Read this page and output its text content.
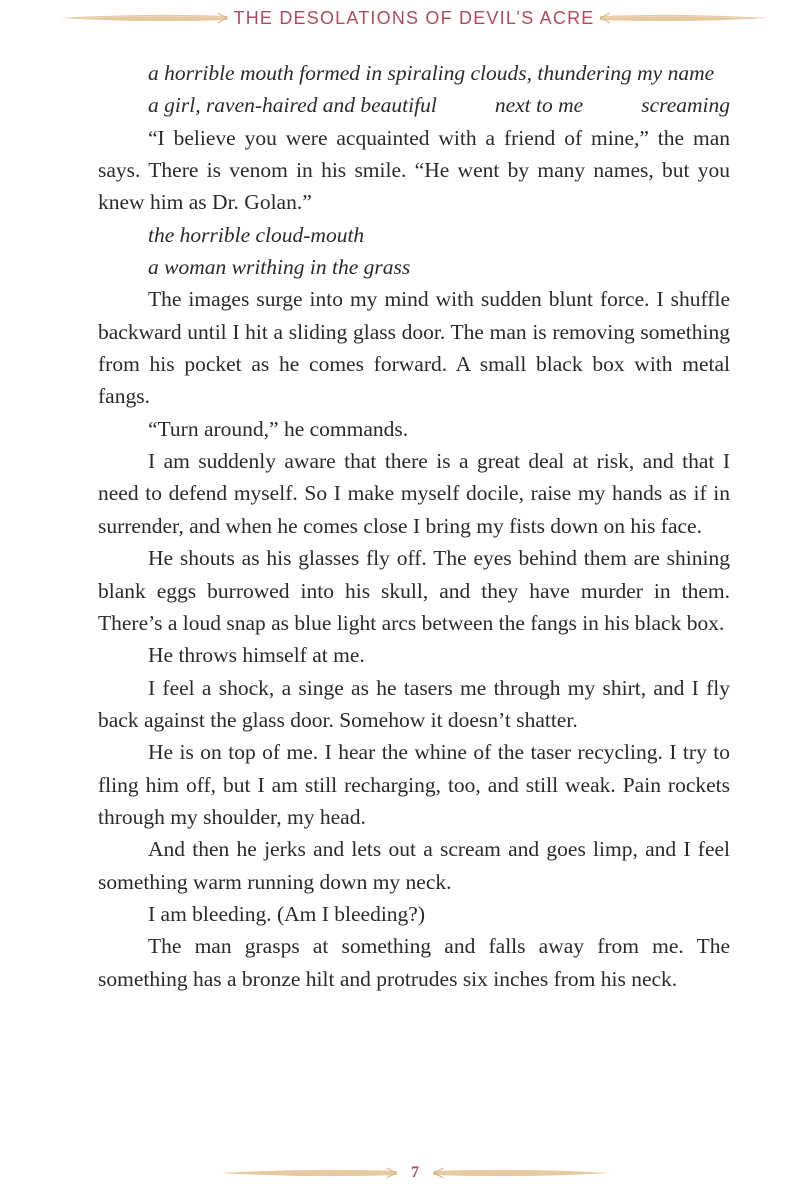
THE DESOLATIONS OF DEVIL’S ACRE

a horrible mouth formed in spiraling clouds, thundering my name

a girl, raven-haired and beautiful	next to me	screaming

“I believe you were acquainted with a friend of mine,” the man says. There is venom in his smile. “He went by many names, but you knew him as Dr. Golan.”

the horrible cloud-mouth

a woman writhing in the grass

The images surge into my mind with sudden blunt force. I shuffle backward until I hit a sliding glass door. The man is removing something from his pocket as he comes forward. A small black box with metal fangs.

“Turn around,” he commands.

I am suddenly aware that there is a great deal at risk, and that I need to defend myself. So I make myself docile, raise my hands as if in surrender, and when he comes close I bring my fists down on his face.

He shouts as his glasses fly off. The eyes behind them are shining blank eggs burrowed into his skull, and they have murder in them. There’s a loud snap as blue light arcs between the fangs in his black box.

He throws himself at me.

I feel a shock, a singe as he tasers me through my shirt, and I fly back against the glass door. Somehow it doesn’t shatter.

He is on top of me. I hear the whine of the taser recycling. I try to fling him off, but I am still recharging, too, and still weak. Pain rockets through my shoulder, my head.

And then he jerks and lets out a scream and goes limp, and I feel something warm running down my neck.

I am bleeding. (Am I bleeding?)

The man grasps at something and falls away from me. The something has a bronze hilt and protrudes six inches from his neck.

7
